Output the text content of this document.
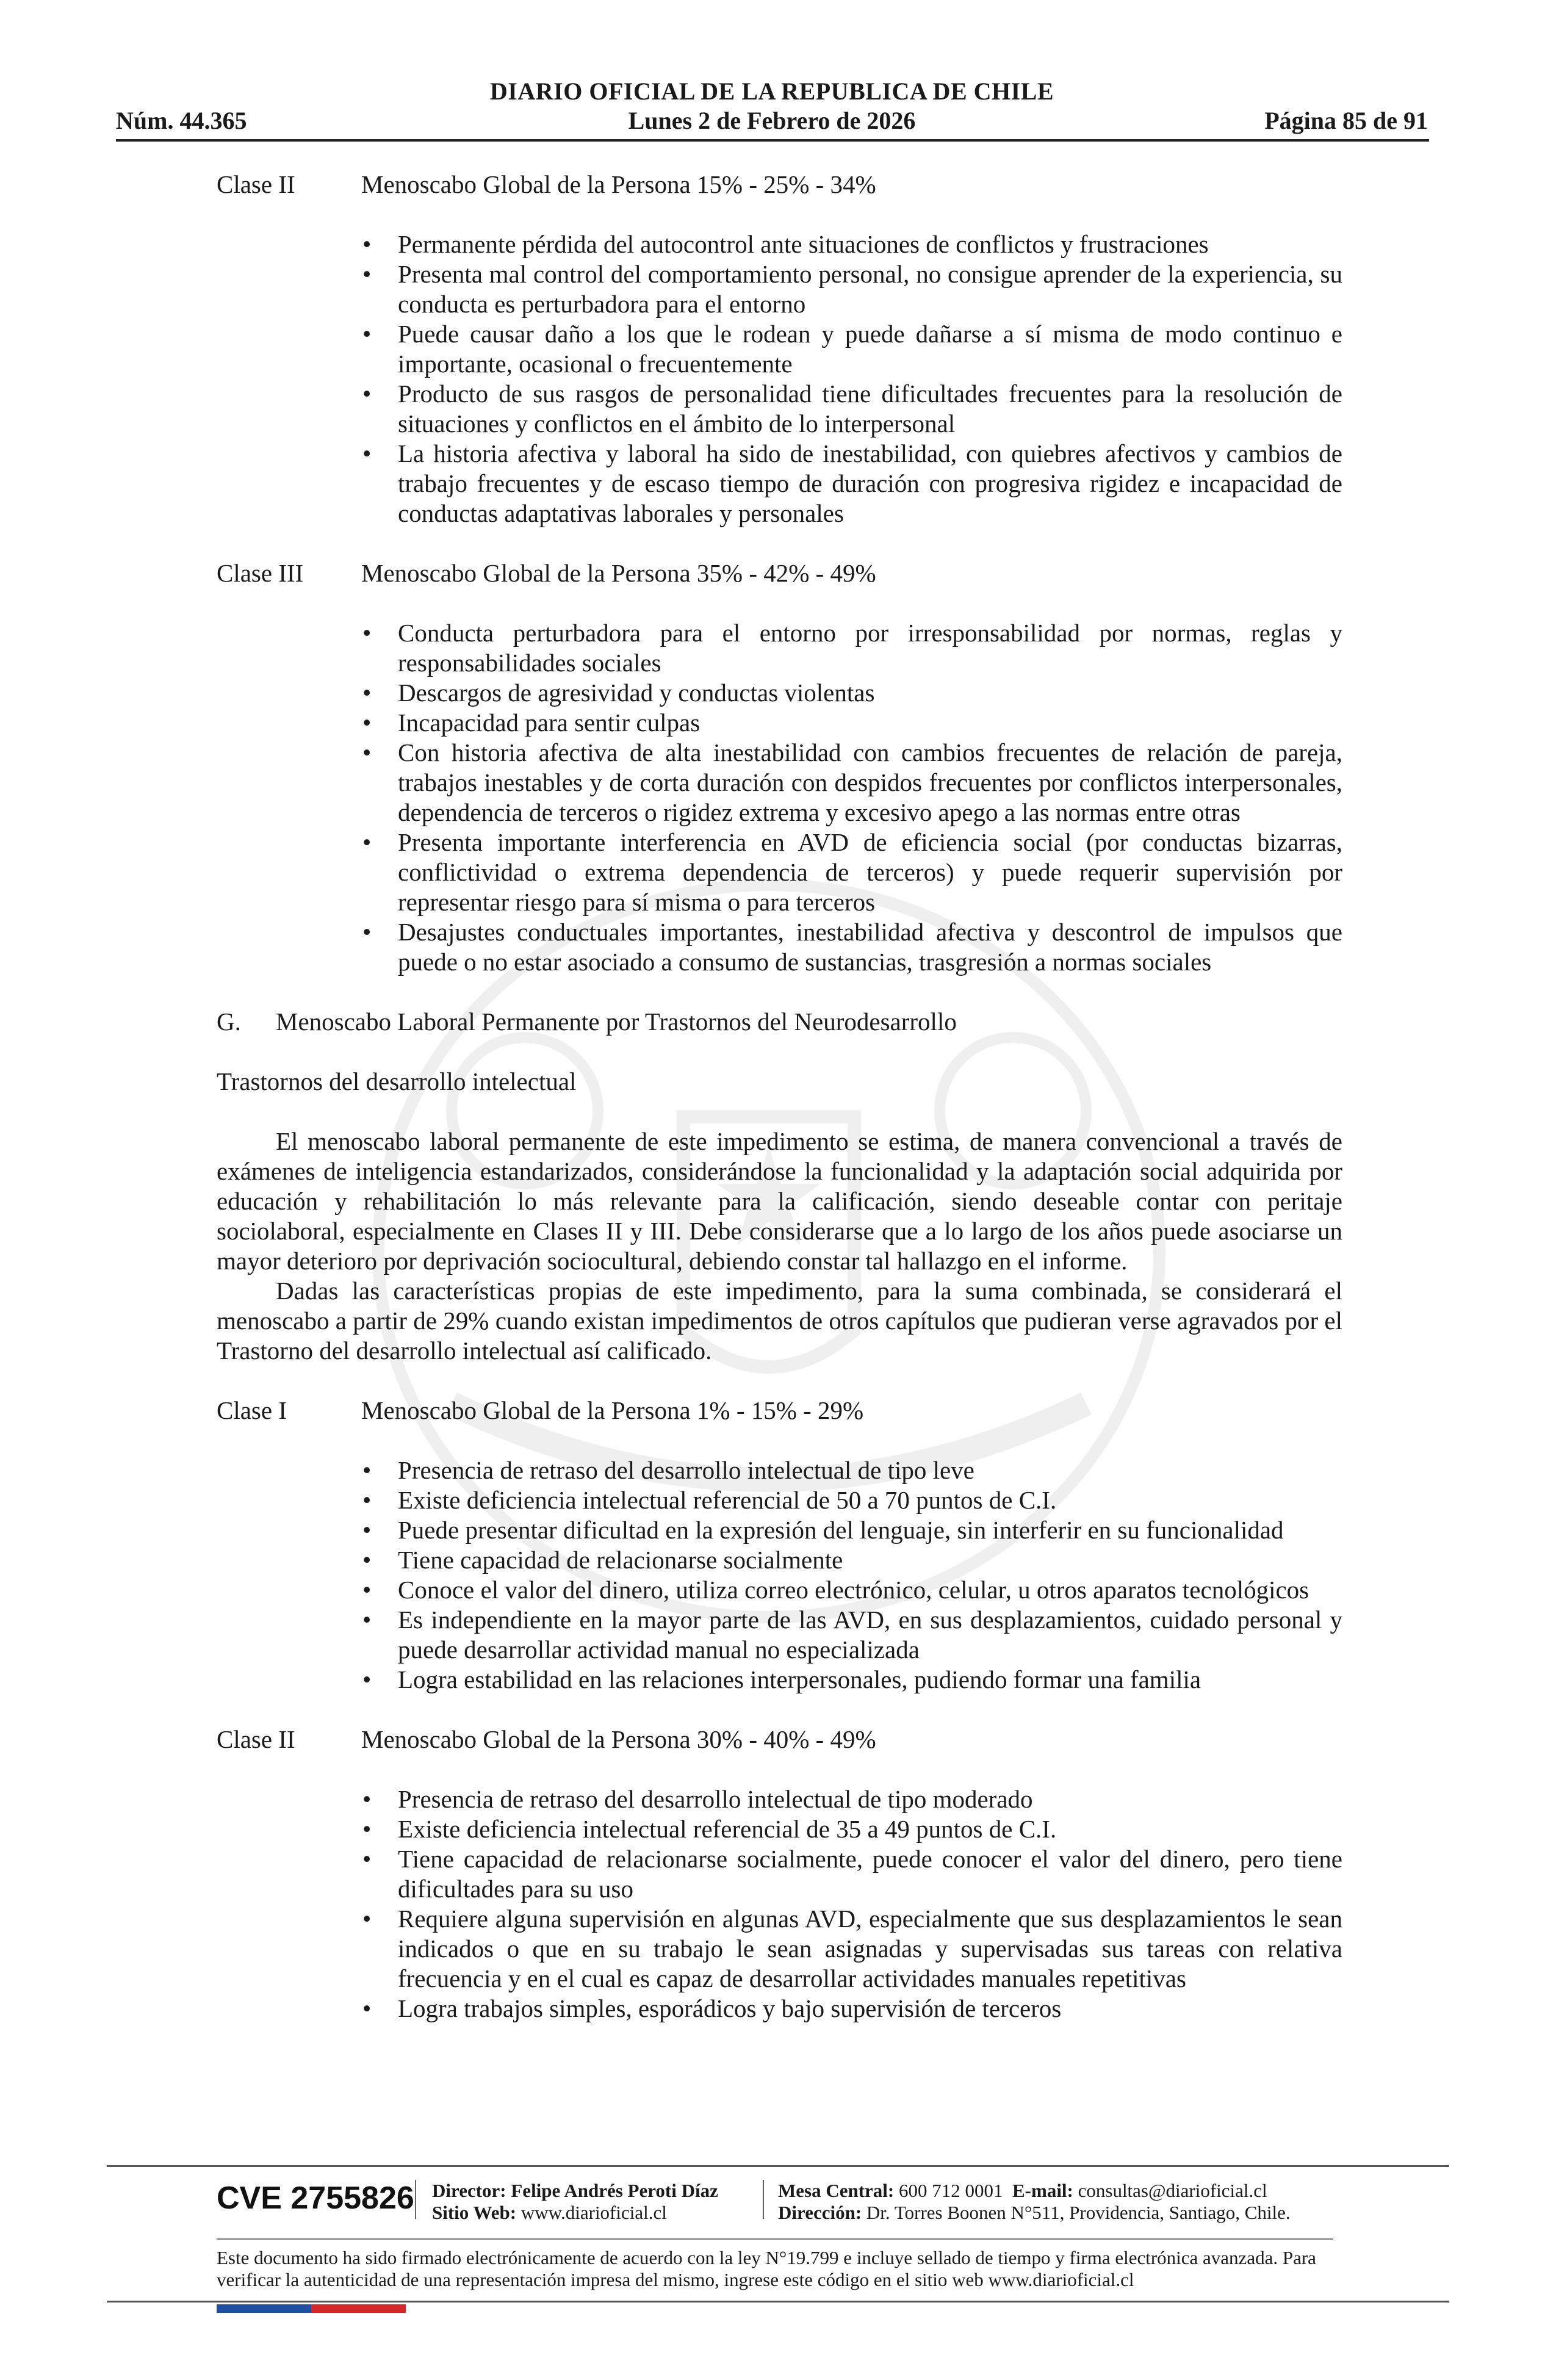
DIARIO OFICIAL DE LA REPUBLICA DE CHILE
Núm. 44.365	Lunes 2 de Febrero de 2026	Página 85 de 91
Clase II	Menoscabo Global de la Persona 15% - 25% - 34%
• Permanente pérdida del autocontrol ante situaciones de conflictos y frustraciones
• Presenta mal control del comportamiento personal, no consigue aprender de la experiencia, su conducta es perturbadora para el entorno
• Puede causar daño a los que le rodean y puede dañarse a sí misma de modo continuo e importante, ocasional o frecuentemente
• Producto de sus rasgos de personalidad tiene dificultades frecuentes para la resolución de situaciones y conflictos en el ámbito de lo interpersonal
• La historia afectiva y laboral ha sido de inestabilidad, con quiebres afectivos y cambios de trabajo frecuentes y de escaso tiempo de duración con progresiva rigidez e incapacidad de conductas adaptativas laborales y personales
Clase III Menoscabo Global de la Persona 35% - 42% - 49%
• Conducta perturbadora para el entorno por irresponsabilidad por normas, reglas y responsabilidades sociales
• Descargos de agresividad y conductas violentas
• Incapacidad para sentir culpas
• Con historia afectiva de alta inestabilidad con cambios frecuentes de relación de pareja, trabajos inestables y de corta duración con despidos frecuentes por conflictos interpersonales, dependencia de terceros o rigidez extrema y excesivo apego a las normas entre otras
• Presenta importante interferencia en AVD de eficiencia social (por conductas bizarras, conflictividad o extrema dependencia de terceros) y puede requerir supervisión por representar riesgo para sí misma o para terceros
• Desajustes conductuales importantes, inestabilidad afectiva y descontrol de impulsos que puede o no estar asociado a consumo de sustancias, trasgresión a normas sociales
G. Menoscabo Laboral Permanente por Trastornos del Neurodesarrollo
Trastornos del desarrollo intelectual

El menoscabo laboral permanente de este impedimento se estima, de manera convencional a través de exámenes de inteligencia estandarizados, considerándose la funcionalidad y la adaptación social adquirida por educación y rehabilitación lo más relevante para la calificación, siendo deseable contar con peritaje sociolaboral, especialmente en Clases II y III. Debe considerarse que a lo largo de los años puede asociarse un mayor deterioro por deprivación sociocultural, debiendo constar tal hallazgo en el informe.

Dadas las características propias de este impedimento, para la suma combinada, se considerará el menoscabo a partir de 29% cuando existan impedimentos de otros capítulos que pudieran verse agravados por el Trastorno del desarrollo intelectual así calificado.

Clase I	Menoscabo Global de la Persona 1% - 15% - 29%
• Presencia de retraso del desarrollo intelectual de tipo leve
• Existe deficiencia intelectual referencial de 50 a 70 puntos de C.I.
• Puede presentar dificultad en la expresión del lenguaje, sin interferir en su funcionalidad
• Tiene capacidad de relacionarse socialmente
• Conoce el valor del dinero, utiliza correo electrónico, celular, u otros aparatos tecnológicos
• Es independiente en la mayor parte de las AVD, en sus desplazamientos, cuidado personal y puede desarrollar actividad manual no especializada
• Logra estabilidad en las relaciones interpersonales, pudiendo formar una familia
Clase II	Menoscabo Global de la Persona 30% - 40% - 49%
• Presencia de retraso del desarrollo intelectual de tipo moderado
• Existe deficiencia intelectual referencial de 35 a 49 puntos de C.I.
• Tiene capacidad de relacionarse socialmente, puede conocer el valor del dinero, pero tiene dificultades para su uso
• Requiere alguna supervisión en algunas AVD, especialmente que sus desplazamientos le sean indicados o que en su trabajo le sean asignadas y supervisadas sus tareas con relativa frecuencia y en el cual es capaz de desarrollar actividades manuales repetitivas
• Logra trabajos simples, esporádicos y bajo supervisión de terceros
CVE 2755826 Director: Felipe Andrés Peroti Díaz
Sitio Web: www.diarioficial.cl
Mesa Central: 600 712 0001 E-mail: consultas@diarioficial.cl
Dirección: Dr. Torres Boonen N°511, Providencia, Santiago, Chile.
Este documento ha sido firmado electrónicamente de acuerdo con la ley N°19.799 e incluye sellado de tiempo y firma electrónica avanzada. Para verificar la autenticidad de una representación impresa del mismo, ingrese este código en el sitio web www.diarioficial.cl
